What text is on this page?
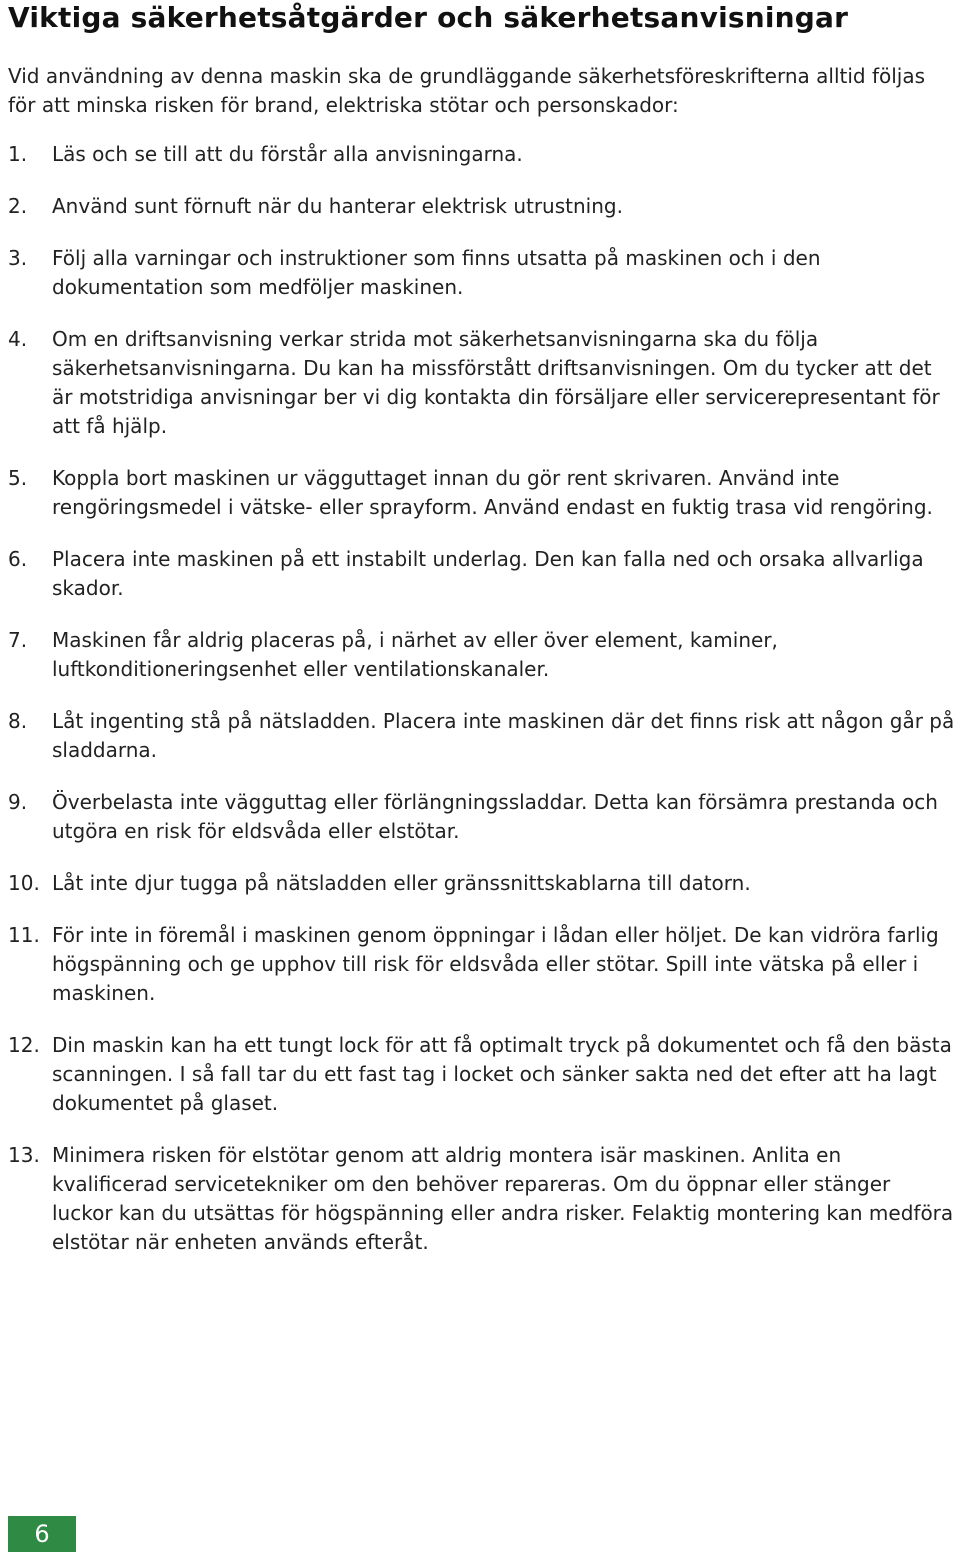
Viktiga säkerhetsåtgärder och säkerhetsanvisningar

Vid användning av denna maskin ska de grundläggande säkerhetsföreskrifterna alltid följas för att minska risken för brand, elektriska stötar och personskador:

1. Läs och se till att du förstår alla anvisningarna.
2. Använd sunt förnuft när du hanterar elektrisk utrustning.
3. Följ alla varningar och instruktioner som finns utsatta på maskinen och i den dokumentation som medföljer maskinen.
4. Om en driftsanvisning verkar strida mot säkerhetsanvisningarna ska du följa säkerhetsanvisningarna. Du kan ha missförstått driftsanvisningen. Om du tycker att det är motstridiga anvisningar ber vi dig kontakta din försäljare eller servicerepresentant för att få hjälp.
5. Koppla bort maskinen ur vägguttaget innan du gör rent skrivaren. Använd inte rengöringsmedel i vätske- eller sprayform. Använd endast en fuktig trasa vid rengöring.
6. Placera inte maskinen på ett instabilt underlag. Den kan falla ned och orsaka allvarliga skador.
7. Maskinen får aldrig placeras på, i närhet av eller över element, kaminer, luftkonditioneringsenhet eller ventilationskanaler.
8. Låt ingenting stå på nätsladden. Placera inte maskinen där det finns risk att någon går på sladdarna.
9. Överbelasta inte vägguttag eller förlängningssladdar. Detta kan försämra prestanda och utgöra en risk för eldsvåda eller elstötar.
10. Låt inte djur tugga på nätsladden eller gränssnittskablarna till datorn.
11. För inte in föremål i maskinen genom öppningar i lådan eller höljet. De kan vidröra farlig högspänning och ge upphov till risk för eldsvåda eller stötar. Spill inte vätska på eller i maskinen.
12. Din maskin kan ha ett tungt lock för att få optimalt tryck på dokumentet och få den bästa scanningen. I så fall tar du ett fast tag i locket och sänker sakta ned det efter att ha lagt dokumentet på glaset.
13. Minimera risken för elstötar genom att aldrig montera isär maskinen. Anlita en kvalificerad servicetekniker om den behöver repareras. Om du öppnar eller stänger luckor kan du utsättas för högspänning eller andra risker. Felaktig montering kan medföra elstötar när enheten används efteråt.
6
